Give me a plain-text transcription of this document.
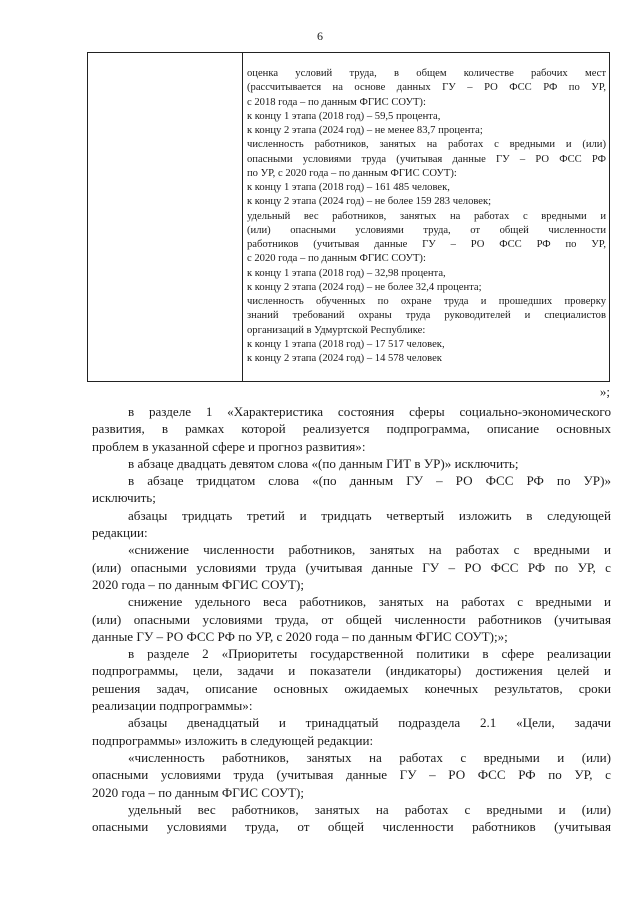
6

оценка условий труда, в общем количестве рабочих мест
(рассчитывается на основе данных ГУ – РО ФСС РФ по УР,
с 2018 года – по данным ФГИС СОУТ):
к концу 1 этапа (2018 год) – 59,5 процента,
к концу 2 этапа (2024 год) – не менее 83,7 процента;
численность работников, занятых на работах с вредными и (или)
опасными условиями труда (учитывая данные ГУ – РО ФСС РФ
по УР, с 2020 года – по данным ФГИС СОУТ):
к концу 1 этапа (2018 год) – 161 485 человек,
к концу 2 этапа (2024 год) – не более 159 283 человек;
удельный вес работников, занятых на работах с вредными и
(или) опасными условиями труда, от общей численности
работников (учитывая данные ГУ – РО ФСС РФ по УР,
с 2020 года – по данным ФГИС СОУТ):
к концу 1 этапа (2018 год) – 32,98 процента,
к концу 2 этапа (2024 год) – не более 32,4 процента;
численность обученных по охране труда и прошедших проверку
знаний требований охраны труда руководителей и специалистов
организаций в Удмуртской Республике:
к концу 1 этапа (2018 год) – 17 517 человек,
к концу 2 этапа (2024 год) – 14 578 человек

»;

в разделе 1 «Характеристика состояния сферы социально-экономического
развития, в рамках которой реализуется подпрограмма, описание основных
проблем в указанной сфере и прогноз развития»:
в абзаце двадцать девятом слова «(по данным ГИТ в УР)» исключить;
в абзаце тридцатом слова «(по данным ГУ – РО ФСС РФ по УР)»
исключить;
абзацы тридцать третий и тридцать четвертый изложить в следующей
редакции:
«снижение численности работников, занятых на работах с вредными и
(или) опасными условиями труда (учитывая данные ГУ – РО ФСС РФ по УР, с
2020 года – по данным ФГИС СОУТ);
снижение удельного веса работников, занятых на работах с вредными и
(или) опасными условиями труда, от общей численности работников (учитывая
данные ГУ – РО ФСС РФ по УР, с 2020 года – по данным ФГИС СОУТ);»;
в разделе 2 «Приоритеты государственной политики в сфере реализации
подпрограммы, цели, задачи и показатели (индикаторы) достижения целей и
решения задач, описание основных ожидаемых конечных результатов, сроки
реализации подпрограммы»:
абзацы двенадцатый и тринадцатый подраздела 2.1 «Цели, задачи
подпрограммы» изложить в следующей редакции:
«численность работников, занятых на работах с вредными и (или)
опасными условиями труда (учитывая данные ГУ – РО ФСС РФ по УР, с
2020 года – по данным ФГИС СОУТ);
удельный вес работников, занятых на работах с вредными и (или)
опасными условиями труда, от общей численности работников (учитывая
